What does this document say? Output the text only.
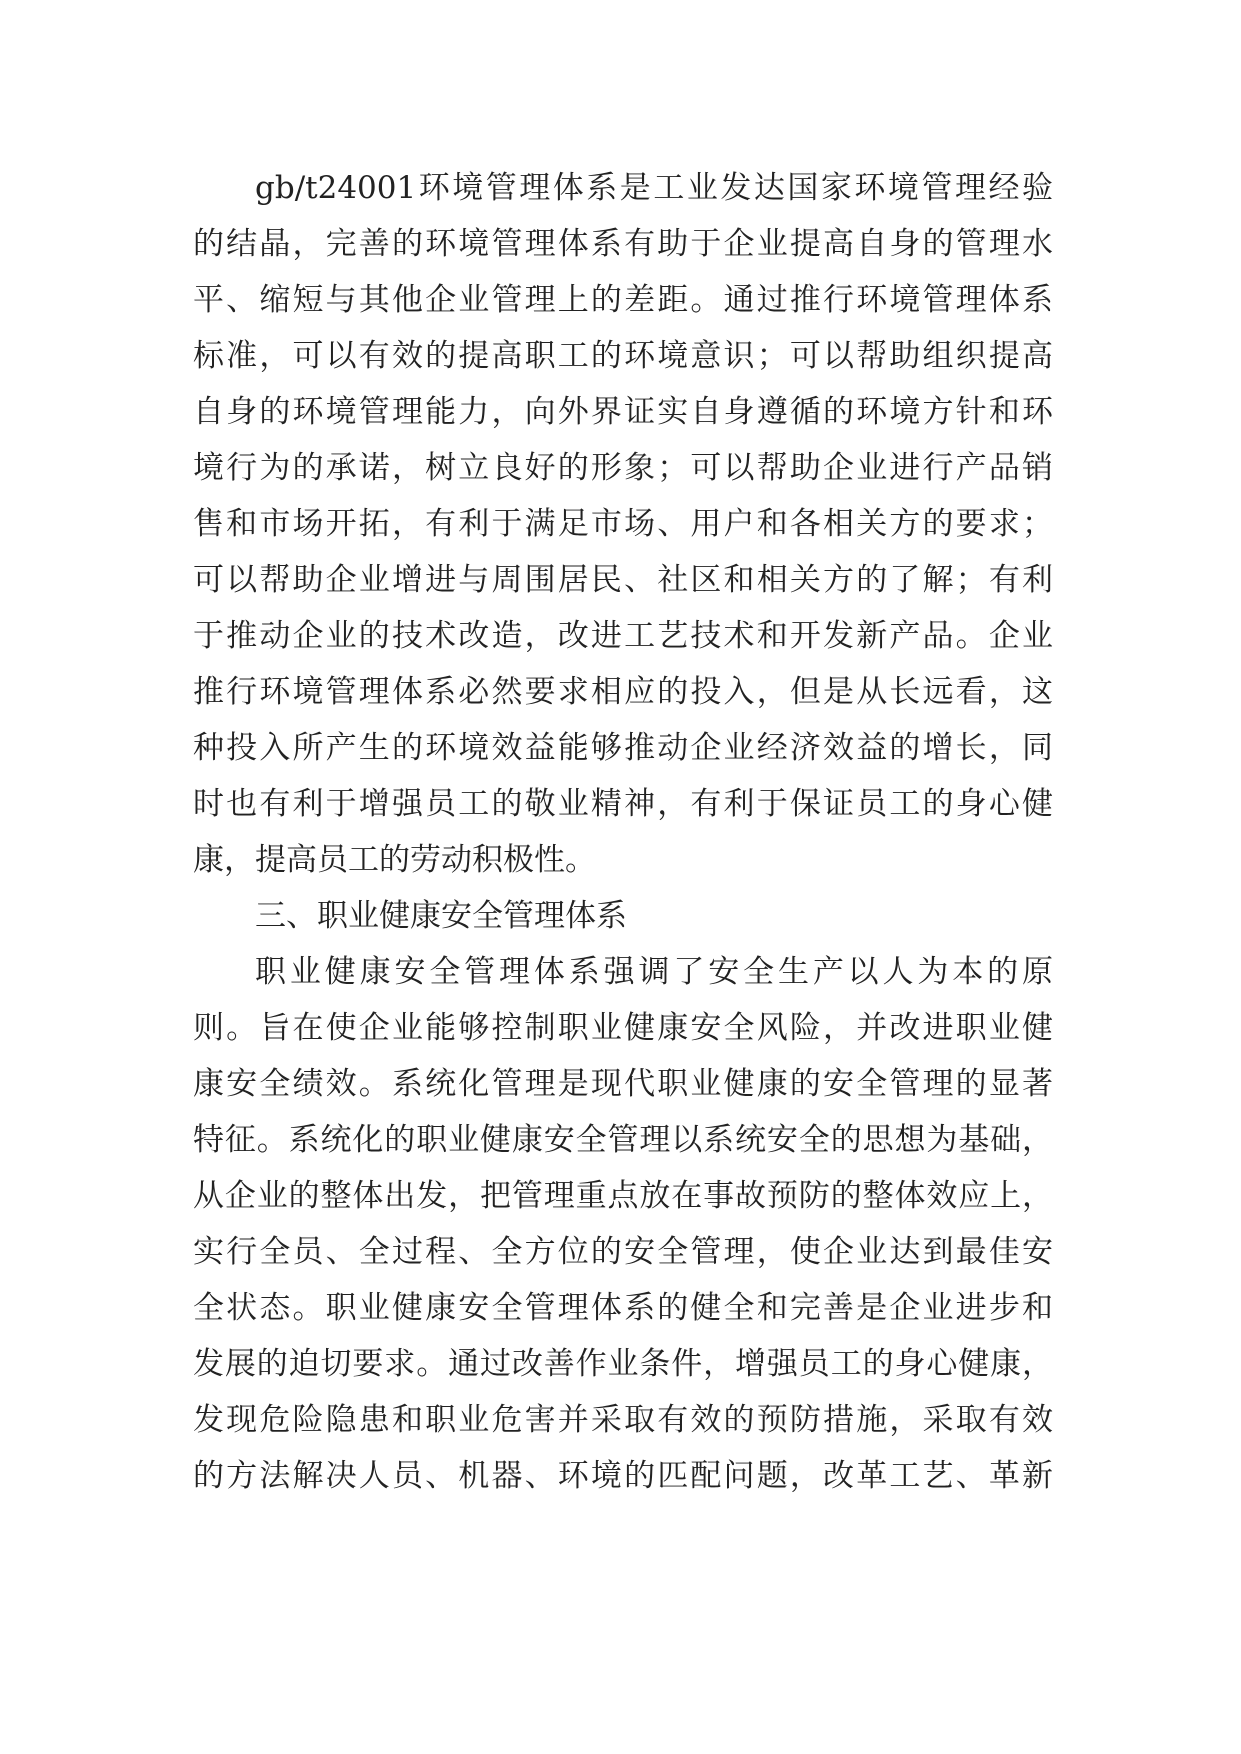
gb/t24001环境管理体系是工业发达国家环境管理经验
的结晶，完善的环境管理体系有助于企业提高自身的管理水
平、缩短与其他企业管理上的差距。通过推行环境管理体系
标准，可以有效的提高职工的环境意识；可以帮助组织提高
自身的环境管理能力，向外界证实自身遵循的环境方针和环
境行为的承诺，树立良好的形象；可以帮助企业进行产品销
售和市场开拓，有利于满足市场、用户和各相关方的要求；
可以帮助企业增进与周围居民、社区和相关方的了解；有利
于推动企业的技术改造，改进工艺技术和开发新产品。企业
推行环境管理体系必然要求相应的投入，但是从长远看，这
种投入所产生的环境效益能够推动企业经济效益的增长，同
时也有利于增强员工的敬业精神，有利于保证员工的身心健
康，提高员工的劳动积极性。
三、职业健康安全管理体系
职业健康安全管理体系强调了安全生产以人为本的原
则。旨在使企业能够控制职业健康安全风险，并改进职业健
康安全绩效。系统化管理是现代职业健康的安全管理的显著
特征。系统化的职业健康安全管理以系统安全的思想为基础，
从企业的整体出发，把管理重点放在事故预防的整体效应上，
实行全员、全过程、全方位的安全管理，使企业达到最佳安
全状态。职业健康安全管理体系的健全和完善是企业进步和
发展的迫切要求。通过改善作业条件，增强员工的身心健康，
发现危险隐患和职业危害并采取有效的预防措施，采取有效
的方法解决人员、机器、环境的匹配问题，改革工艺、革新
